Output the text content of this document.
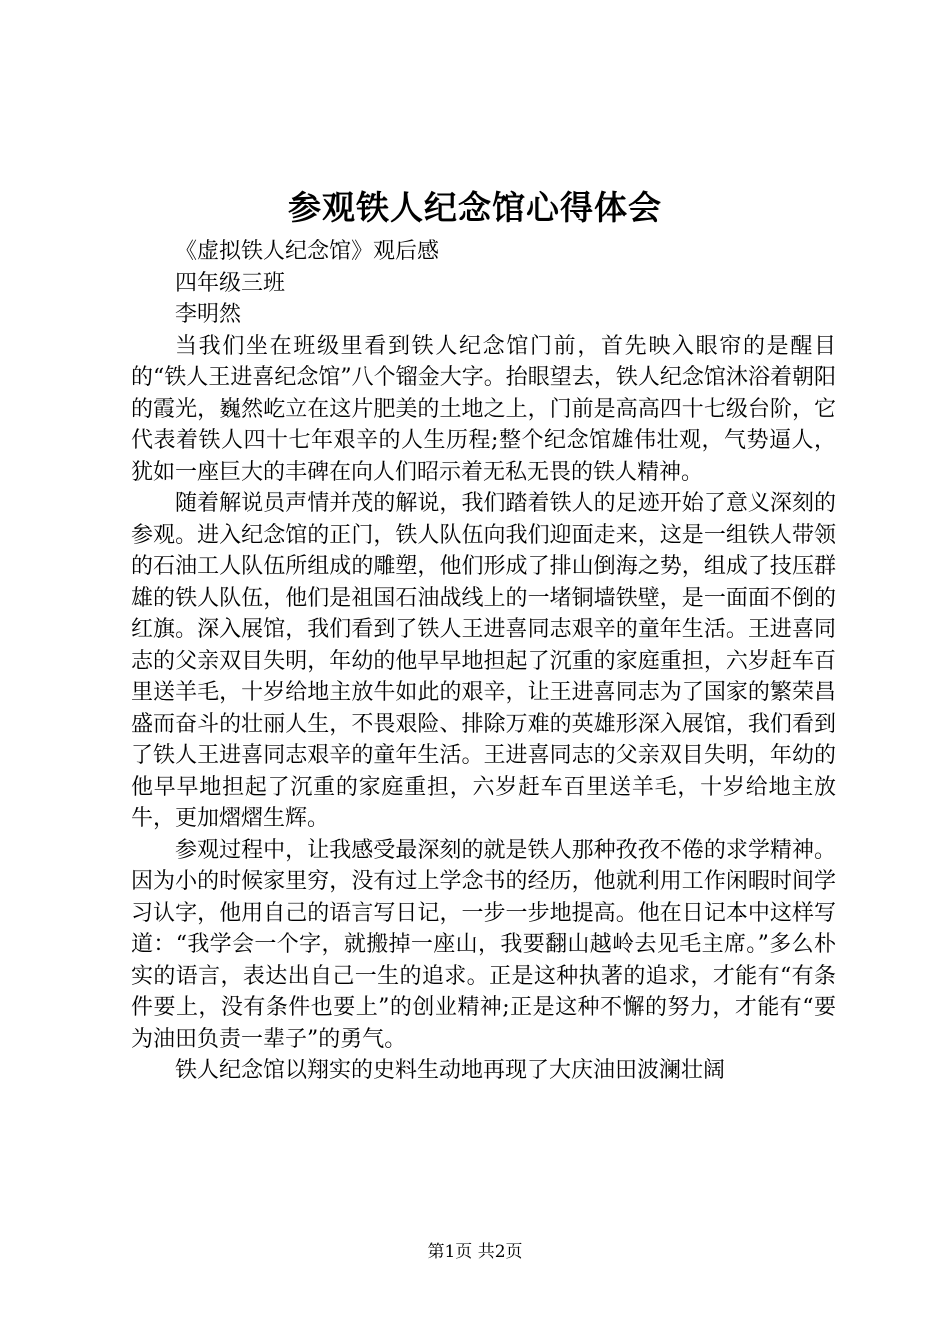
参观铁人纪念馆心得体会

《虚拟铁人纪念馆》观后感

四年级三班

李明然

当我们坐在班级里看到铁人纪念馆门前，首先映入眼帘的是醒目的“铁人王进喜纪念馆”八个镏金大字。抬眼望去，铁人纪念馆沐浴着朝阳的霞光，巍然屹立在这片肥美的土地之上，门前是高高四十七级台阶，它代表着铁人四十七年艰辛的人生历程;整个纪念馆雄伟壮观，气势逼人，犹如一座巨大的丰碑在向人们昭示着无私无畏的铁人精神。

随着解说员声情并茂的解说，我们踏着铁人的足迹开始了意义深刻的参观。进入纪念馆的正门，铁人队伍向我们迎面走来，这是一组铁人带领的石油工人队伍所组成的雕塑，他们形成了排山倒海之势，组成了技压群雄的铁人队伍，他们是祖国石油战线上的一堵铜墙铁壁，是一面面不倒的红旗。深入展馆，我们看到了铁人王进喜同志艰辛的童年生活。王进喜同志的父亲双目失明，年幼的他早早地担起了沉重的家庭重担，六岁赶车百里送羊毛，十岁给地主放牛如此的艰辛，让王进喜同志为了国家的繁荣昌盛而奋斗的壮丽人生，不畏艰险、排除万难的英雄形深入展馆，我们看到了铁人王进喜同志艰辛的童年生活。王进喜同志的父亲双目失明，年幼的他早早地担起了沉重的家庭重担，六岁赶车百里送羊毛，十岁给地主放牛，更加熠熠生辉。

参观过程中，让我感受最深刻的就是铁人那种孜孜不倦的求学精神。因为小的时候家里穷，没有过上学念书的经历，他就利用工作闲暇时间学习认字，他用自己的语言写日记，一步一步地提高。他在日记本中这样写道：“我学会一个字，就搬掉一座山，我要翻山越岭去见毛主席。”多么朴实的语言，表达出自己一生的追求。正是这种执著的追求，才能有“有条件要上，没有条件也要上”的创业精神;正是这种不懈的努力，才能有“要为油田负责一辈子”的勇气。

铁人纪念馆以翔实的史料生动地再现了大庆油田波澜壮阔

第1页 共2页
